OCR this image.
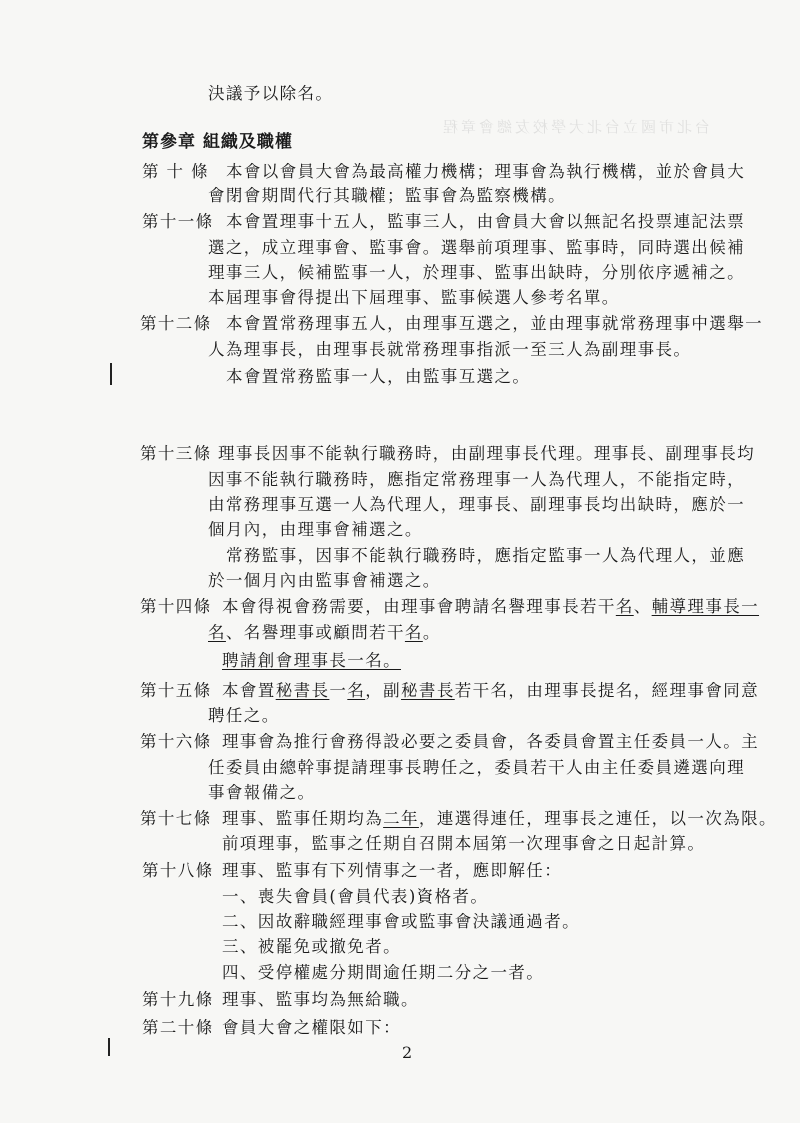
台北市國立台北大學校友總會章程
決議予以除名。
第參章 組織及職權
第 十 條 本會以會員大會為最高權力機構；理事會為執行機構，並於會員大
會閉會期間代行其職權；監事會為監察機構。
第十一條 本會置理事十五人，監事三人，由會員大會以無記名投票連記法票
選之，成立理事會、監事會。選舉前項理事、監事時，同時選出候補
理事三人，候補監事一人，於理事、監事出缺時，分別依序遞補之。
本屆理事會得提出下屆理事、監事候選人參考名單。
第十二條 本會置常務理事五人，由理事互選之，並由理事就常務理事中選舉一
人為理事長，由理事長就常務理事指派一至三人為副理事長。
本會置常務監事一人，由監事互選之。
第十三條 理事長因事不能執行職務時，由副理事長代理。理事長、副理事長均
因事不能執行職務時，應指定常務理事一人為代理人，不能指定時，
由常務理事互選一人為代理人，理事長、副理事長均出缺時，應於一
個月內，由理事會補選之。
常務監事，因事不能執行職務時，應指定監事一人為代理人，並應
於一個月內由監事會補選之。
第十四條 本會得視會務需要，由理事會聘請名譽理事長若干名、輔導理事長一
名、名譽理事或顧問若干名。
聘請創會理事長一名。
第十五條 本會置秘書長一名，副秘書長若干名，由理事長提名，經理事會同意
聘任之。
第十六條 理事會為推行會務得設必要之委員會，各委員會置主任委員一人。主
任委員由總幹事提請理事長聘任之，委員若干人由主任委員遴選向理
事會報備之。
第十七條 理事、監事任期均為二年，連選得連任，理事長之連任，以一次為限。
前項理事，監事之任期自召開本屆第一次理事會之日起計算。
第十八條 理事、監事有下列情事之一者，應即解任：
一、喪失會員(會員代表)資格者。
二、因故辭職經理事會或監事會決議通過者。
三、被罷免或撤免者。
四、受停權處分期間逾任期二分之一者。
第十九條 理事、監事均為無給職。
第二十條 會員大會之權限如下：
2
